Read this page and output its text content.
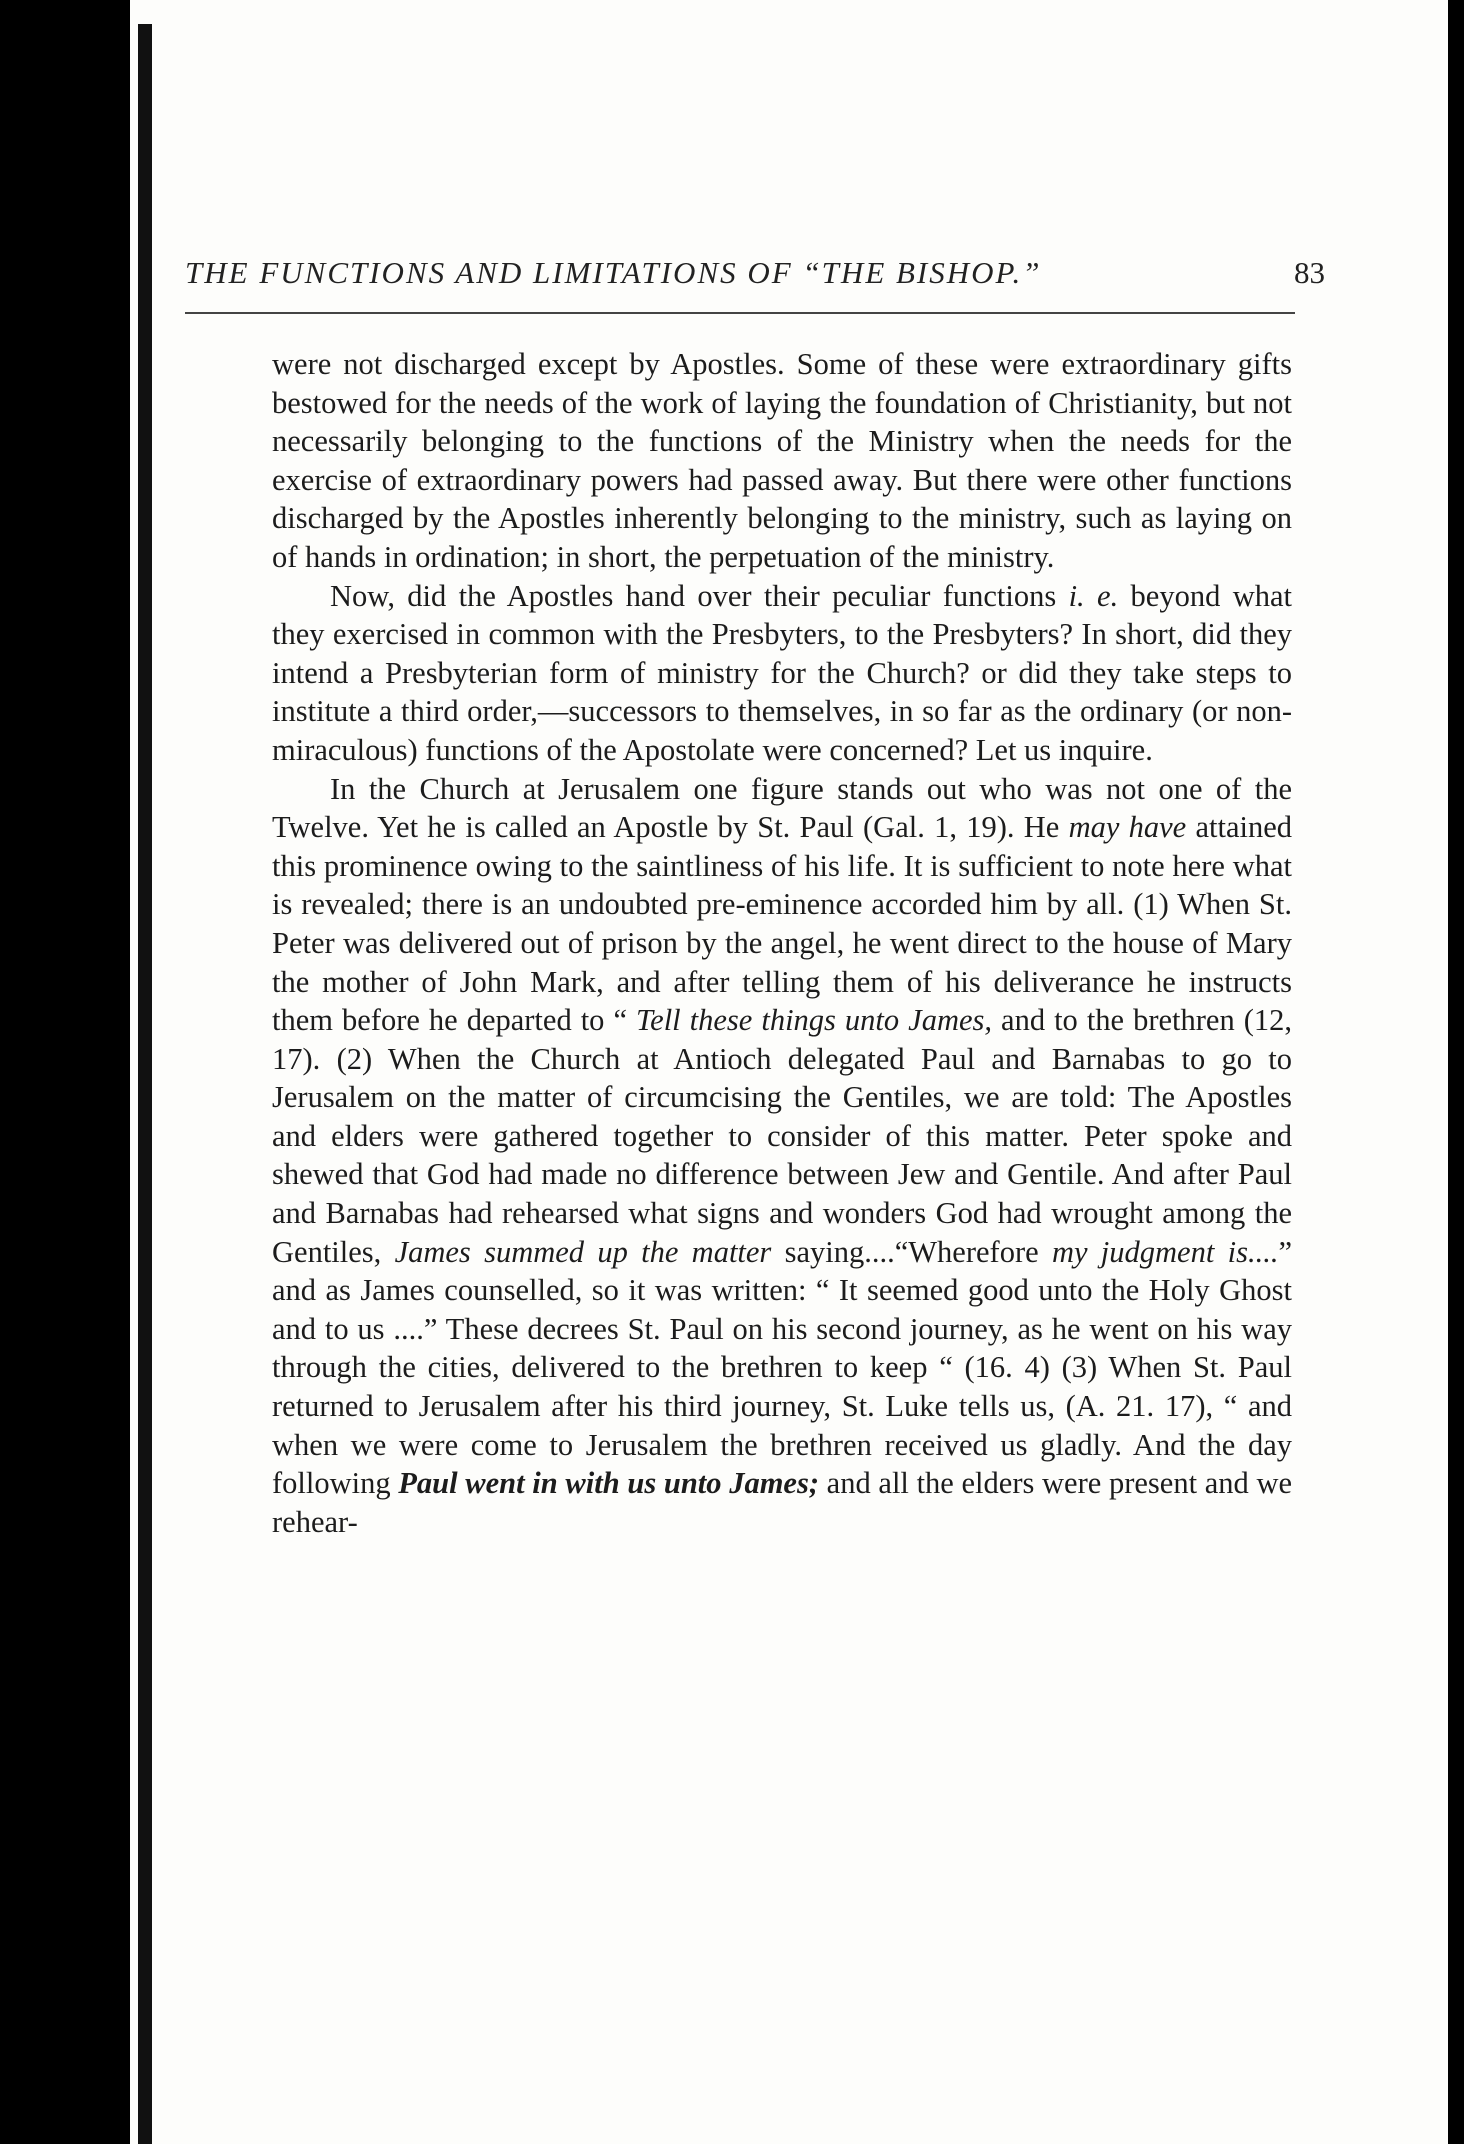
THE FUNCTIONS AND LIMITATIONS OF “THE BISHOP.”	83

were not discharged except by Apostles. Some of these were extraordinary gifts bestowed for the needs of the work of laying the foundation of Christianity, but not necessarily belonging to the functions of the Ministry when the needs for the exercise of extraordinary powers had passed away. But there were other functions discharged by the Apostles inherently belonging to the ministry, such as laying on of hands in ordination; in short, the perpetuation of the ministry.

Now, did the Apostles hand over their peculiar functions i. e. beyond what they exercised in common with the Presbyters, to the Presbyters? In short, did they intend a Presbyterian form of ministry for the Church? or did they take steps to institute a third order,—successors to themselves, in so far as the ordinary (or non-miraculous) functions of the Apostolate were concerned? Let us inquire.

In the Church at Jerusalem one figure stands out who was not one of the Twelve. Yet he is called an Apostle by St. Paul (Gal. 1, 19). He may have attained this prominence owing to the saintliness of his life. It is sufficient to note here what is revealed; there is an undoubted pre-eminence accorded him by all. (1) When St. Peter was delivered out of prison by the angel, he went direct to the house of Mary the mother of John Mark, and after telling them of his deliverance he instructs them before he departed to “ Tell these things unto James, and to the brethren (12, 17). (2) When the Church at Antioch delegated Paul and Barnabas to go to Jerusalem on the matter of circumcising the Gentiles, we are told: The Apostles and elders were gathered together to consider of this matter. Peter spoke and shewed that God had made no difference between Jew and Gentile. And after Paul and Barnabas had rehearsed what signs and wonders God had wrought among the Gentiles, James summed up the matter saying....“Wherefore my judgment is....” and as James counselled, so it was written: “ It seemed good unto the Holy Ghost and to us ....” These decrees St. Paul on his second journey, as he went on his way through the cities, delivered to the brethren to keep “ (16. 4) (3) When St. Paul returned to Jerusalem after his third journey, St. Luke tells us, (A. 21. 17), “ and when we were come to Jerusalem the brethren received us gladly. And the day following Paul went in with us unto James; and all the elders were present and we rehear-
